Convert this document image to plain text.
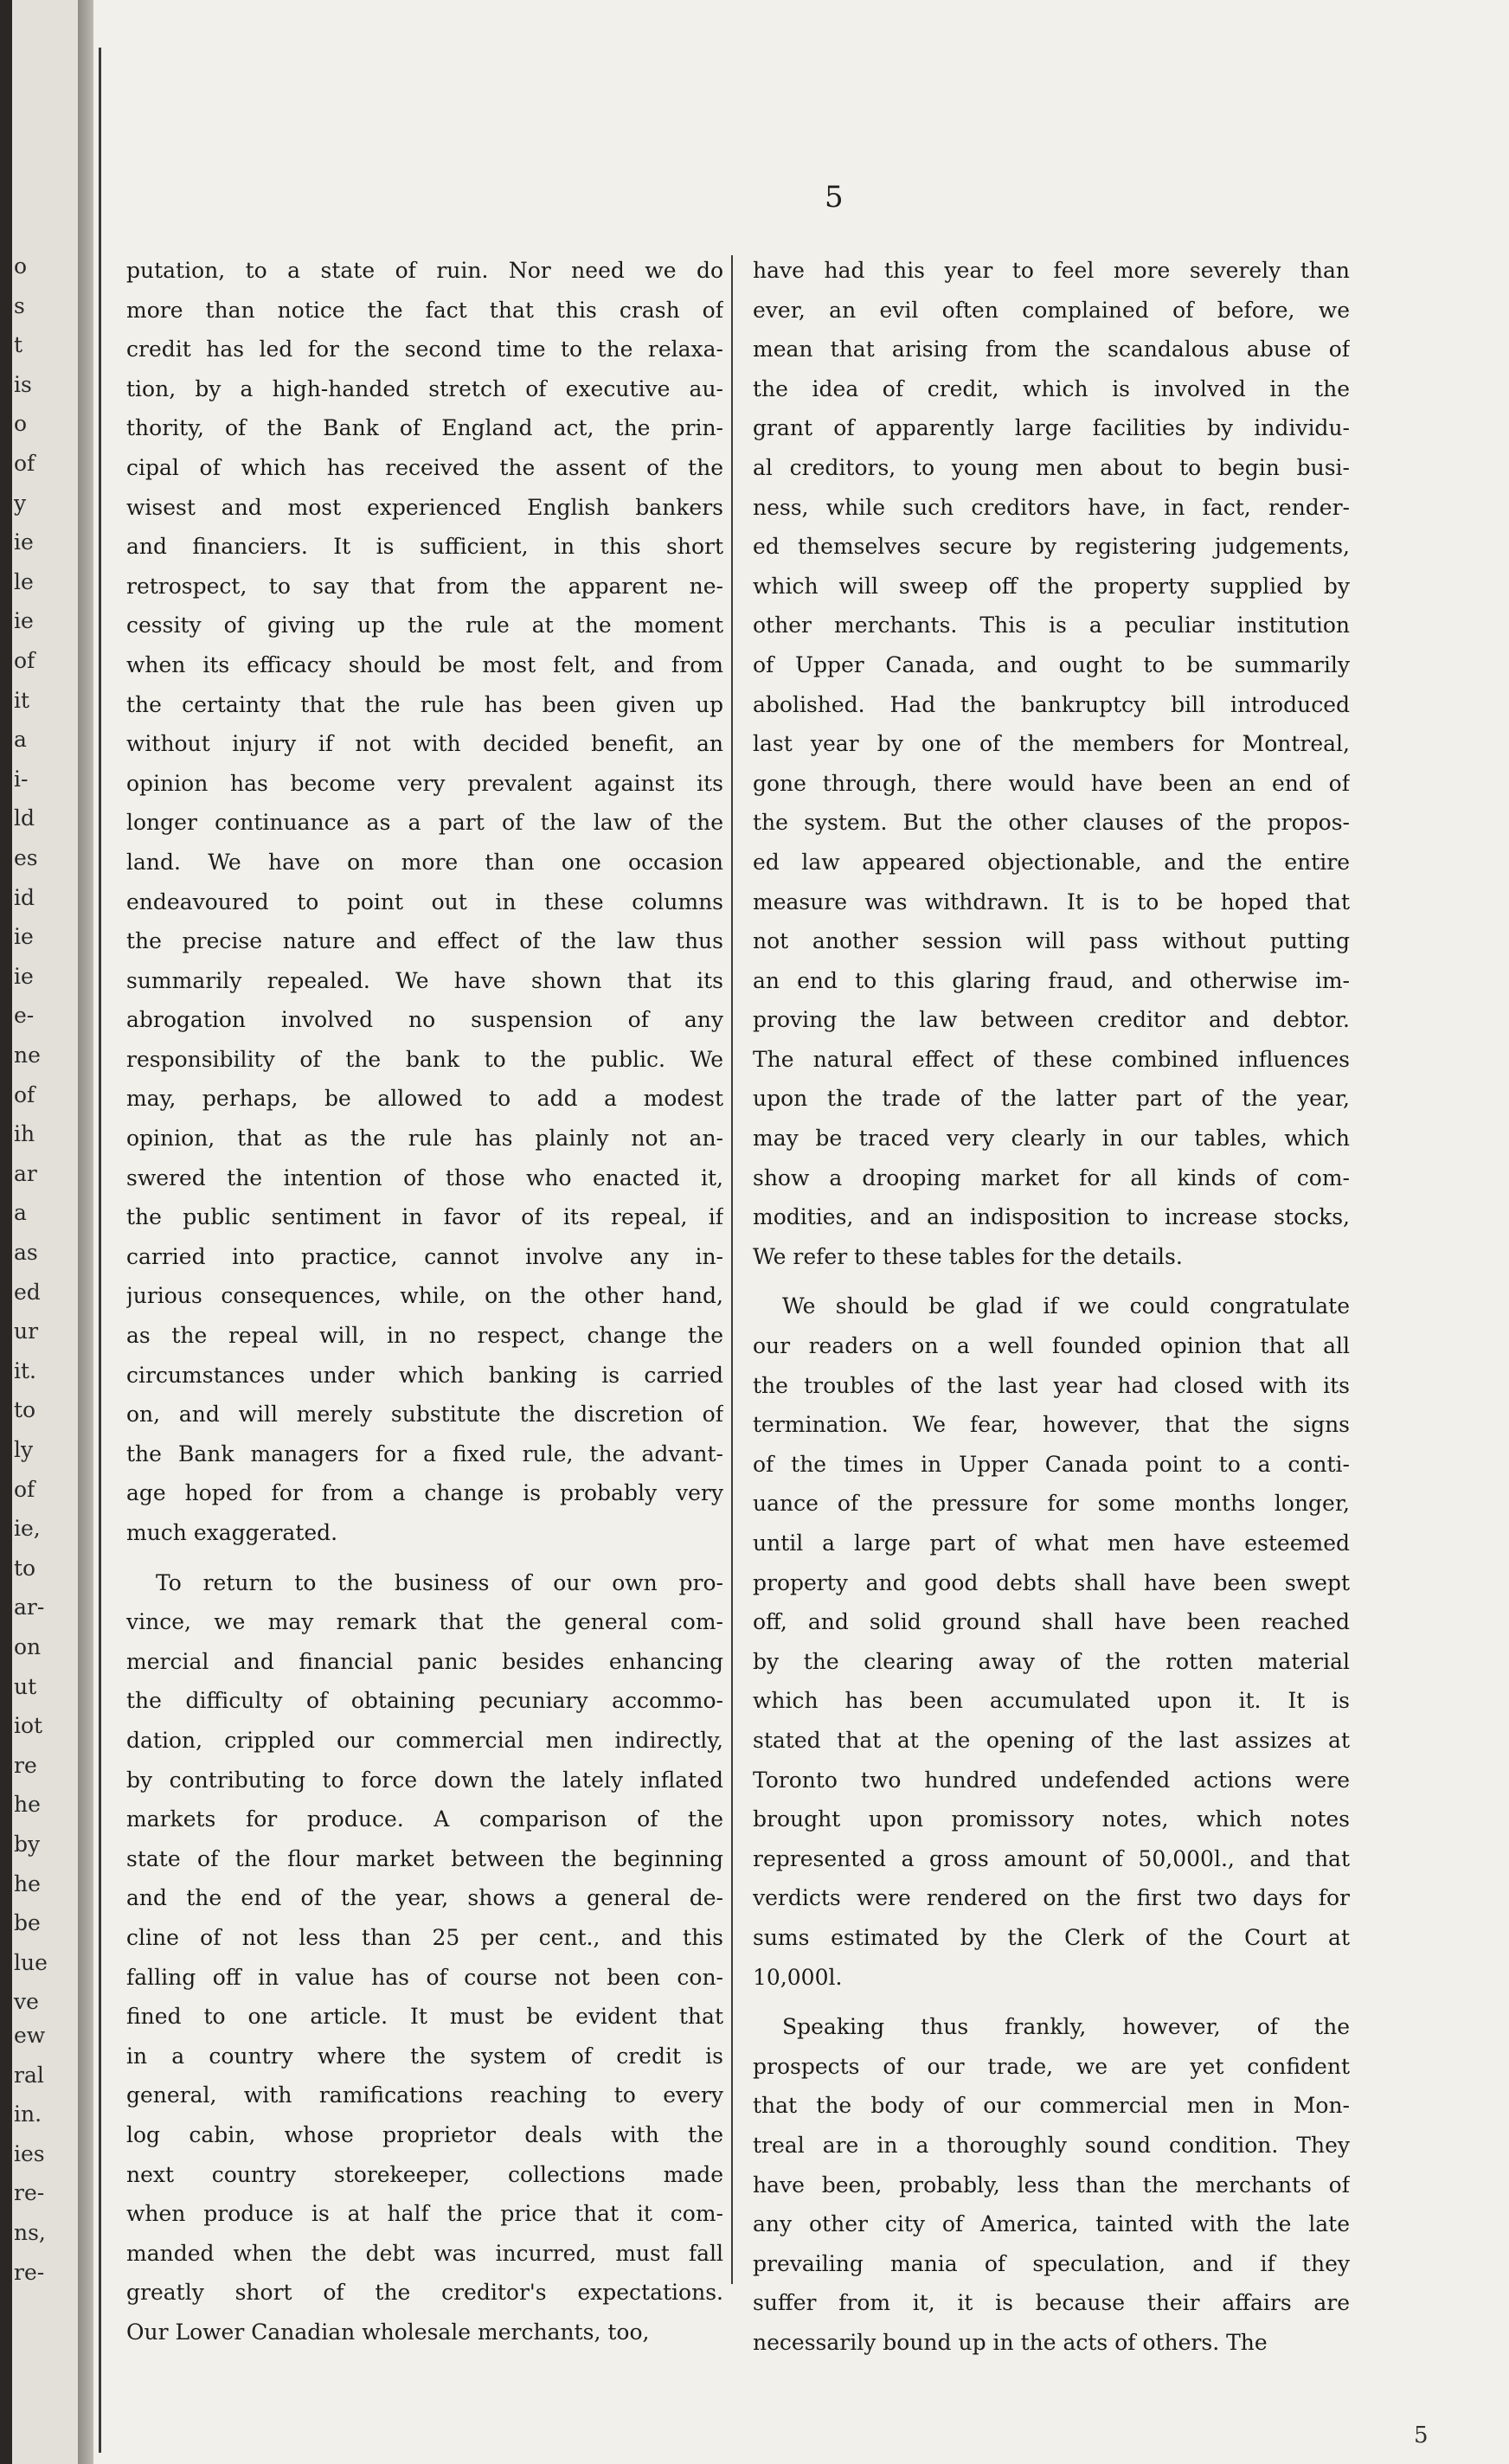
o
s
t
is
o
of
y
ie
le
ie
of
it
a
i-
ld
es
id
ie
ie
e-
ne
of
ih
ar
a
as
ed
ur
it.
to
ly
of
ie,
to
ar-
on
ut
iot
re
he
by
he
be
lue
ve
ew
ral
in.
ies
re-
ns,
re-
5

putation, to a state of ruin. Nor need we do
more than notice the fact that this crash of
credit has led for the second time to the relaxa-
tion, by a high-handed stretch of executive au-
thority, of the Bank of England act, the prin-
cipal of which has received the assent of the
wisest and most experienced English bankers
and financiers. It is sufficient, in this short
retrospect, to say that from the apparent ne-
cessity of giving up the rule at the moment
when its efficacy should be most felt, and from
the certainty that the rule has been given up
without injury if not with decided benefit, an
opinion has become very prevalent against its
longer continuance as a part of the law of the
land. We have on more than one occasion
endeavoured to point out in these columns
the precise nature and effect of the law thus
summarily repealed. We have shown that its
abrogation involved no suspension of any
responsibility of the bank to the public. We
may, perhaps, be allowed to add a modest
opinion, that as the rule has plainly not an-
swered the intention of those who enacted it,
the public sentiment in favor of its repeal, if
carried into practice, cannot involve any in-
jurious consequences, while, on the other hand,
as the repeal will, in no respect, change the
circumstances under which banking is carried
on, and will merely substitute the discretion of
the Bank managers for a fixed rule, the advant-
age hoped for from a change is probably very
much exaggerated.

To return to the business of our own pro-
vince, we may remark that the general com-
mercial and financial panic besides enhancing
the difficulty of obtaining pecuniary accommo-
dation, crippled our commercial men indirectly,
by contributing to force down the lately inflated
markets for produce. A comparison of the
state of the flour market between the beginning
and the end of the year, shows a general de-
cline of not less than 25 per cent., and this
falling off in value has of course not been con-
fined to one article. It must be evident that
in a country where the system of credit is
general, with ramifications reaching to every
log cabin, whose proprietor deals with the
next country storekeeper, collections made
when produce is at half the price that it com-
manded when the debt was incurred, must fall
greatly short of the creditor's expectations.
Our Lower Canadian wholesale merchants, too,

have had this year to feel more severely than
ever, an evil often complained of before, we
mean that arising from the scandalous abuse of
the idea of credit, which is involved in the
grant of apparently large facilities by individu-
al creditors, to young men about to begin busi-
ness, while such creditors have, in fact, render-
ed themselves secure by registering judgements,
which will sweep off the property supplied by
other merchants. This is a peculiar institution
of Upper Canada, and ought to be summarily
abolished. Had the bankruptcy bill introduced
last year by one of the members for Montreal,
gone through, there would have been an end of
the system. But the other clauses of the propos-
ed law appeared objectionable, and the entire
measure was withdrawn. It is to be hoped that
not another session will pass without putting
an end to this glaring fraud, and otherwise im-
proving the law between creditor and debtor.
The natural effect of these combined influences
upon the trade of the latter part of the year,
may be traced very clearly in our tables, which
show a drooping market for all kinds of com-
modities, and an indisposition to increase stocks,
We refer to these tables for the details.

We should be glad if we could congratulate
our readers on a well founded opinion that all
the troubles of the last year had closed with its
termination. We fear, however, that the signs
of the times in Upper Canada point to a conti-
uance of the pressure for some months longer,
until a large part of what men have esteemed
property and good debts shall have been swept
off, and solid ground shall have been reached
by the clearing away of the rotten material
which has been accumulated upon it. It is
stated that at the opening of the last assizes at
Toronto two hundred undefended actions were
brought upon promissory notes, which notes
represented a gross amount of 50,000l., and that
verdicts were rendered on the first two days for
sums estimated by the Clerk of the Court at
10,000l.

Speaking thus frankly, however, of the
prospects of our trade, we are yet confident
that the body of our commercial men in Mon-
treal are in a thoroughly sound condition. They
have been, probably, less than the merchants of
any other city of America, tainted with the late
prevailing mania of speculation, and if they
suffer from it, it is because their affairs are
necessarily bound up in the acts of others. The

5
